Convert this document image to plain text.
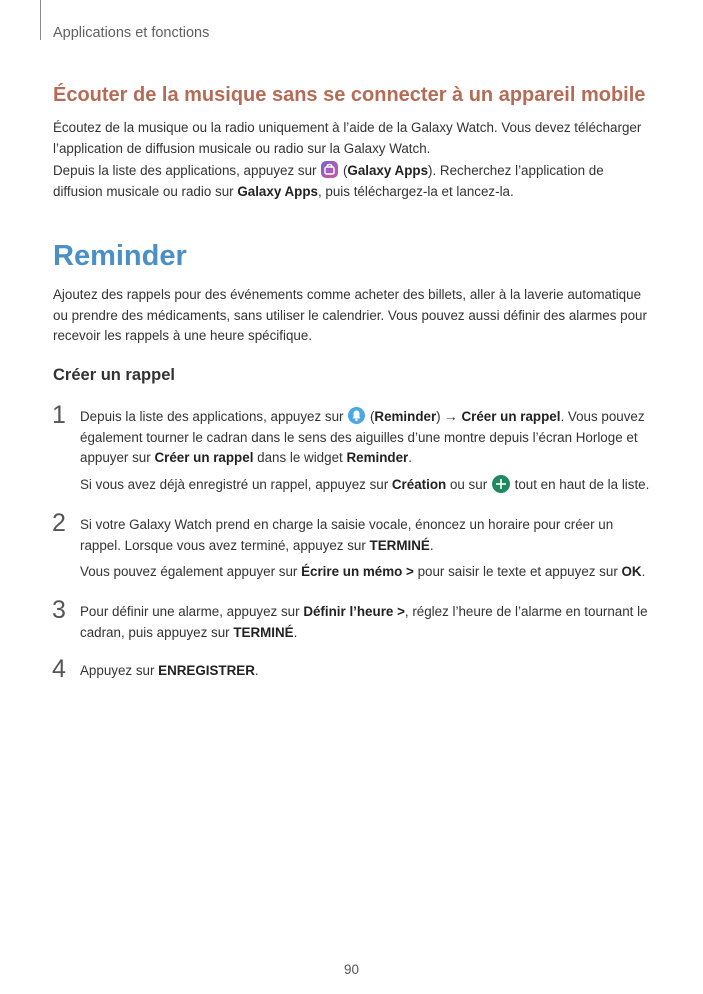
Applications et fonctions
Écouter de la musique sans se connecter à un appareil mobile
Écoutez de la musique ou la radio uniquement à l’aide de la Galaxy Watch. Vous devez télécharger l’application de diffusion musicale ou radio sur la Galaxy Watch.
Depuis la liste des applications, appuyez sur
(Galaxy Apps). Recherchez l’application de diffusion musicale ou radio sur Galaxy Apps, puis téléchargez-la et lancez-la.
Reminder
Ajoutez des rappels pour des événements comme acheter des billets, aller à la laverie automatique ou prendre des médicaments, sans utiliser le calendrier. Vous pouvez aussi définir des alarmes pour recevoir les rappels à une heure spécifique.
Créer un rappel
1 Depuis la liste des applications, appuyez sur
(Reminder) → Créer un rappel. Vous pouvez également tourner le cadran dans le sens des aiguilles d’une montre depuis l’écran Horloge et appuyer sur Créer un rappel dans le widget Reminder.
Si vous avez déjà enregistré un rappel, appuyez sur Création ou sur
tout en haut de la liste.
2 Si votre Galaxy Watch prend en charge la saisie vocale, énoncez un horaire pour créer un rappel. Lorsque vous avez terminé, appuyez sur TERMINÉ.
Vous pouvez également appuyer sur Écrire un mémo > pour saisir le texte et appuyez sur OK.
3 Pour définir une alarme, appuyez sur Définir l’heure >, réglez l’heure de l’alarme en tournant le cadran, puis appuyez sur TERMINÉ.
4 Appuyez sur ENREGISTRER.
90
